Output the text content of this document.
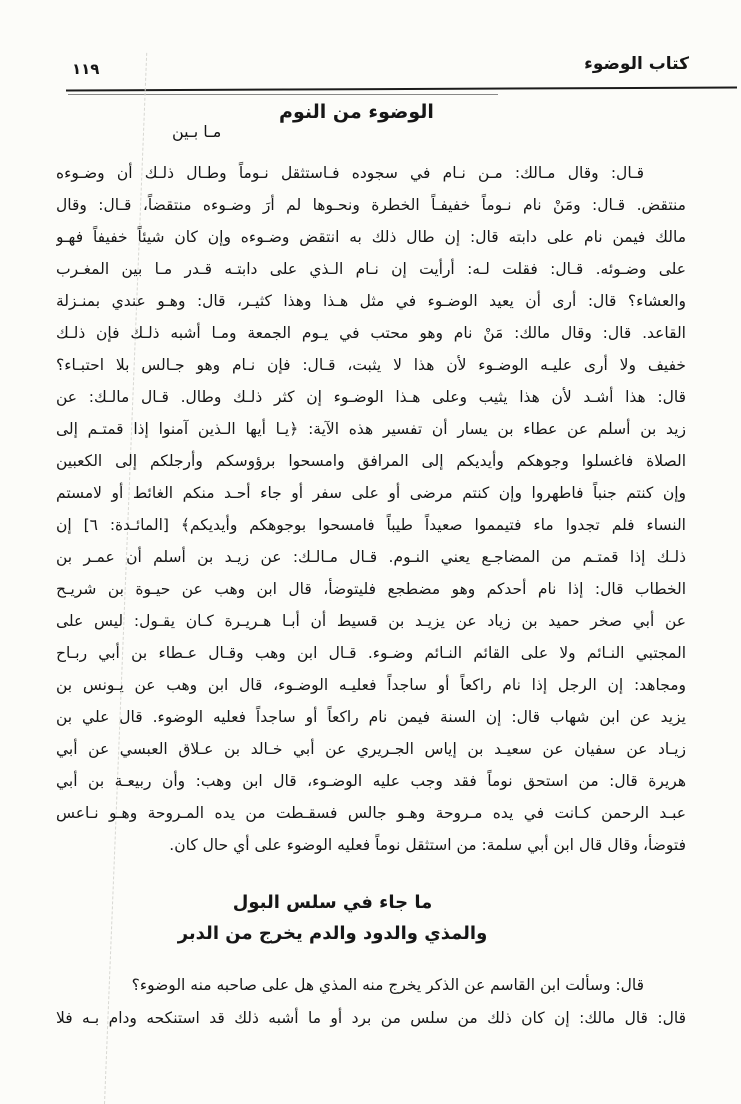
كتاب الوضوء
١١٩
الوضوء من النوم
مـا بـين
قـال: وقال مـالك: مـن نـام في سجوده فـاستثقل نـوماً وطـال ذلـك أن وضـوءه
منتقض. قـال: ومَنْ نام نـوماً خفيفـاً الخطرة ونحـوها لم أرَ وضـوءه منتقضاً، قـال: وقال
مالك فيمن نام على دابته قال: إن طال ذلك به انتقض وضـوءه وإن كان شيئاً خفيفاً فهـو
على وضـوئه. قـال: فقلت لـه: أرأيت إن نـام الـذي على دابتـه قـدر مـا بين المغـرب
والعشاء؟ قال: أرى أن يعيد الوضـوء في مثل هـذا وهذا كثيـر، قال: وهـو عندي بمنـزلة
القاعد. قال: وقال مالك: مَنْ نام وهو محتب في يـوم الجمعة ومـا أشبه ذلـك فإن ذلـك
خفيف ولا أرى عليـه الوضـوء لأن هذا لا يثبت، قـال: فإن نـام وهو جـالس بلا احتبـاء؟
قال: هذا أشـد لأن هذا يثيب وعلى هـذا الوضـوء إن كثر ذلـك وطال. قـال مالـك: عن
زيد بن أسلم عن عطاء بن يسار أن تفسير هذه الآية: ﴿يـا أيها الـذين آمنوا إذا قمتـم إلى
الصلاة فاغسلوا وجوهكم وأيديكم إلى المرافق وامسحوا برؤوسكم وأرجلكم إلى الكعبين
وإن كنتم جنباً فاطهروا وإن كنتم مرضى أو على سفر أو جاء أحـد منكم الغائط أو لامستم
النساء فلم تجدوا ماء فتيمموا صعيداً طيباً فامسحوا بوجوهكم وأيديكم﴾ [المائـدة: ٦] إن
ذلـك إذا قمتـم من المضاجـع يعني النـوم. قـال مـالـك: عن زيـد بن أسلم أن عمـر بن
الخطاب قال: إذا نام أحدكم وهو مضطجع فليتوضأ، قال ابن وهب عن حيـوة بن شريـح
عن أبي صخر حميد بن زياد عن يزيـد بن قسيط أن أبـا هـريـرة كـان يقـول: ليس على
المجتبي النـائم ولا على القائم النـائم وضـوء. قـال ابن وهب وقـال عـطاء بن أبي ربـاح
ومجاهد: إن الرجل إذا نام راكعاً أو ساجداً فعليـه الوضـوء، قال ابن وهب عن يـونس بن
يزيد عن ابن شهاب قال: إن السنة فيمن نام راكعاً أو ساجداً فعليه الوضوء. قال علي بن
زيـاد عن سفيان عن سعيـد بن إياس الجـريري عن أبي خـالد بن عـلاق العبسي عن أبي
هريرة قال: من استحق نوماً فقد وجب عليه الوضـوء، قال ابن وهب: وأن ربيعـة بن أبي
عبـد الرحمن كـانت في يده مـروحة وهـو جالس فسقـطت من يده المـروحة وهـو نـاعس
فتوضأ، وقال قال ابن أبي سلمة: من استثقل نوماً فعليه الوضوء على أي حال كان.
ما جاء في سلس البول
والمذي والدود والدم يخرج من الدبر
قال: وسألت ابن القاسم عن الذكر يخرج منه المذي هل على صاحبه منه الوضوء؟
قال: قال مالك: إن كان ذلك من سلس من برد أو ما أشبه ذلك قد استنكحه ودام بـه فلا
